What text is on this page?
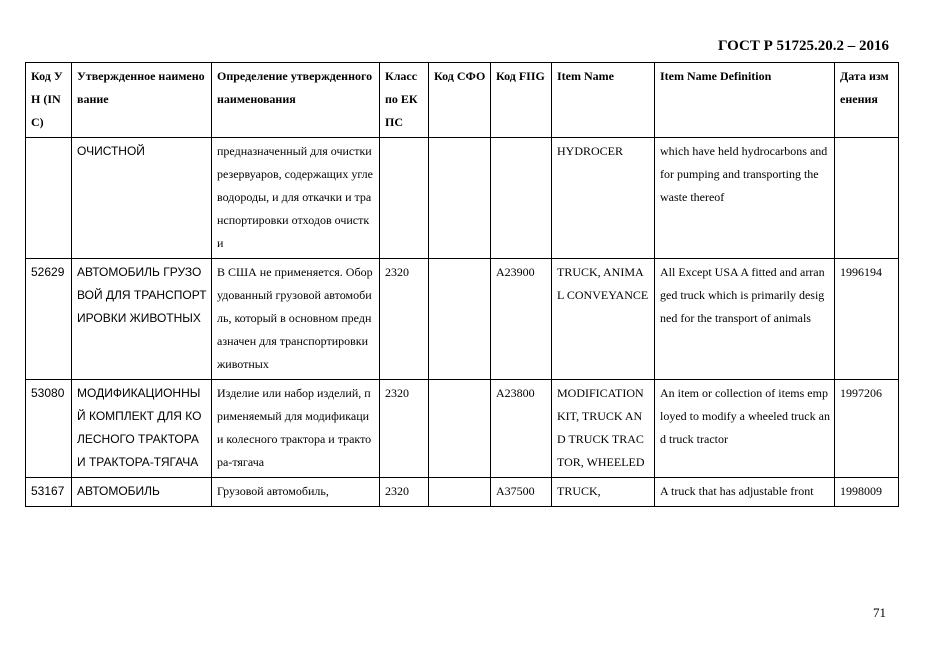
ГОСТ Р 51725.20.2 – 2016
Код УН (INC)	Утвержденное наименование	Определение утвержденного наименования	Класс по ЕКПС	Код СФО	Код FIIG	Item Name	Item Name Definition	Дата изменения
	ОЧИСТНОЙ	предназначенный для очистки резервуаров, содержащих углеводороды, и для откачки и транспортировки отходов очистки				HYDROCER	which have held hydrocarbons and for pumping and transporting the waste thereof	
52629	АВТОМОБИЛЬ ГРУЗОВОЙ ДЛЯ ТРАНСПОРТИРОВКИ ЖИВОТНЫХ	В США не применяется. Оборудованный грузовой автомобиль, который в основном предназначен для транспортировки животных	2320		A23900	TRUCK, ANIMAL CONVEYANCE	All Except USA A fitted and arranged truck which is primarily designed for the transport of animals	1996194
53080	МОДИФИКАЦИОННЫЙ КОМПЛЕКТ ДЛЯ КОЛЕСНОГО ТРАКТОРА И ТРАКТОРА-ТЯГАЧА	Изделие или набор изделий, применяемый для модификации колесного трактора и трактора-тягача	2320		A23800	MODIFICATION KIT, TRUCK AND TRUCK TRACTOR, WHEELED	An item or collection of items employed to modify a wheeled truck and truck tractor	1997206
53167	АВТОМОБИЛЬ	Грузовой автомобиль,	2320		A37500	TRUCK,	A truck that has adjustable front	1998009
71
